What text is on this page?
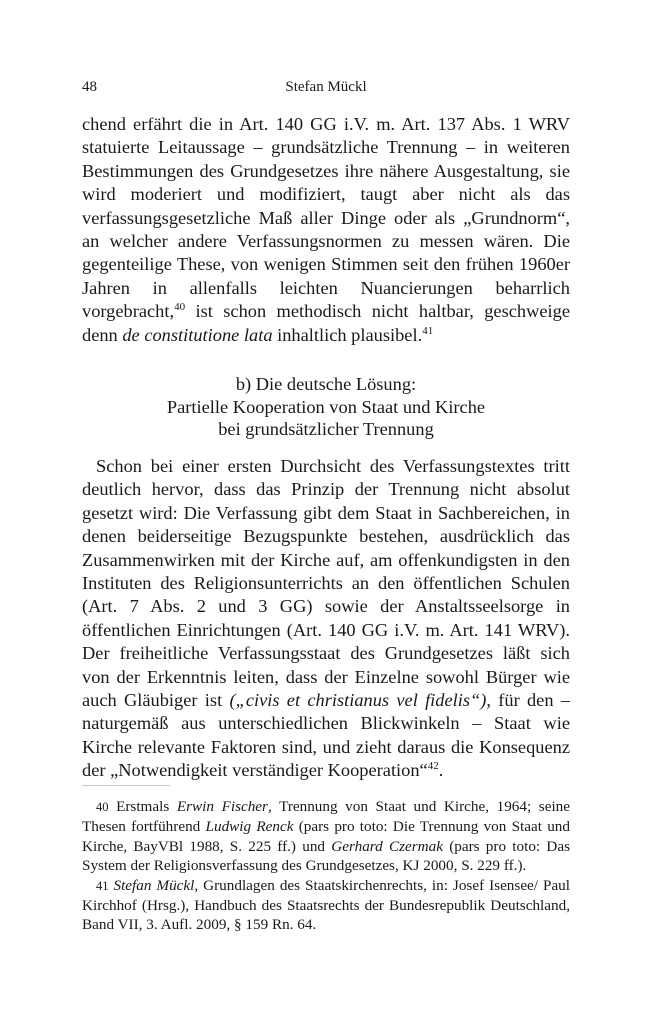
48	Stefan Mückl

chend erfährt die in Art. 140 GG i.V. m. Art. 137 Abs. 1 WRV statuierte Leitaussage – grundsätzliche Trennung – in weiteren Bestimmungen des Grundgesetzes ihre nähere Ausgestaltung, sie wird moderiert und modifiziert, taugt aber nicht als das verfassungsgesetzliche Maß aller Dinge oder als „Grundnorm“, an welcher andere Verfassungsnormen zu messen wären. Die gegenteilige These, von wenigen Stimmen seit den frühen 1960er Jahren in allenfalls leichten Nuancierungen beharrlich vorgebracht,$^{40}$ ist schon methodisch nicht haltbar, geschweige denn de constitutione lata inhaltlich plausibel.$^{41}$

b) Die deutsche Lösung:
Partielle Kooperation von Staat und Kirche
bei grundsätzlicher Trennung

Schon bei einer ersten Durchsicht des Verfassungstextes tritt deutlich hervor, dass das Prinzip der Trennung nicht absolut gesetzt wird: Die Verfassung gibt dem Staat in Sachbereichen, in denen beiderseitige Bezugspunkte bestehen, ausdrücklich das Zusammenwirken mit der Kirche auf, am offenkundigsten in den Instituten des Religionsunterrichts an den öffentlichen Schulen (Art. 7 Abs. 2 und 3 GG) sowie der Anstaltsseelsorge in öffentlichen Einrichtungen (Art. 140 GG i.V. m. Art. 141 WRV). Der freiheitliche Verfassungsstaat des Grundgesetzes läßt sich von der Erkenntnis leiten, dass der Einzelne sowohl Bürger wie auch Gläubiger ist („civis et christianus vel fidelis“), für den – naturgemäß aus unterschiedlichen Blickwinkeln – Staat wie Kirche relevante Faktoren sind, und zieht daraus die Konsequenz der „Notwendigkeit verständiger Kooperation“$^{42}$.

40 Erstmals Erwin Fischer, Trennung von Staat und Kirche, 1964; seine Thesen fortführend Ludwig Renck (pars pro toto: Die Trennung von Staat und Kirche, BayVBl 1988, S. 225 ff.) und Gerhard Czermak (pars pro toto: Das System der Religionsverfassung des Grundgesetzes, KJ 2000, S. 229 ff.).

41 Stefan Mückl, Grundlagen des Staatskirchenrechts, in: Josef Isensee/ Paul Kirchhof (Hrsg.), Handbuch des Staatsrechts der Bundesrepublik Deutschland, Band VII, 3. Aufl. 2009, § 159 Rn. 64.
